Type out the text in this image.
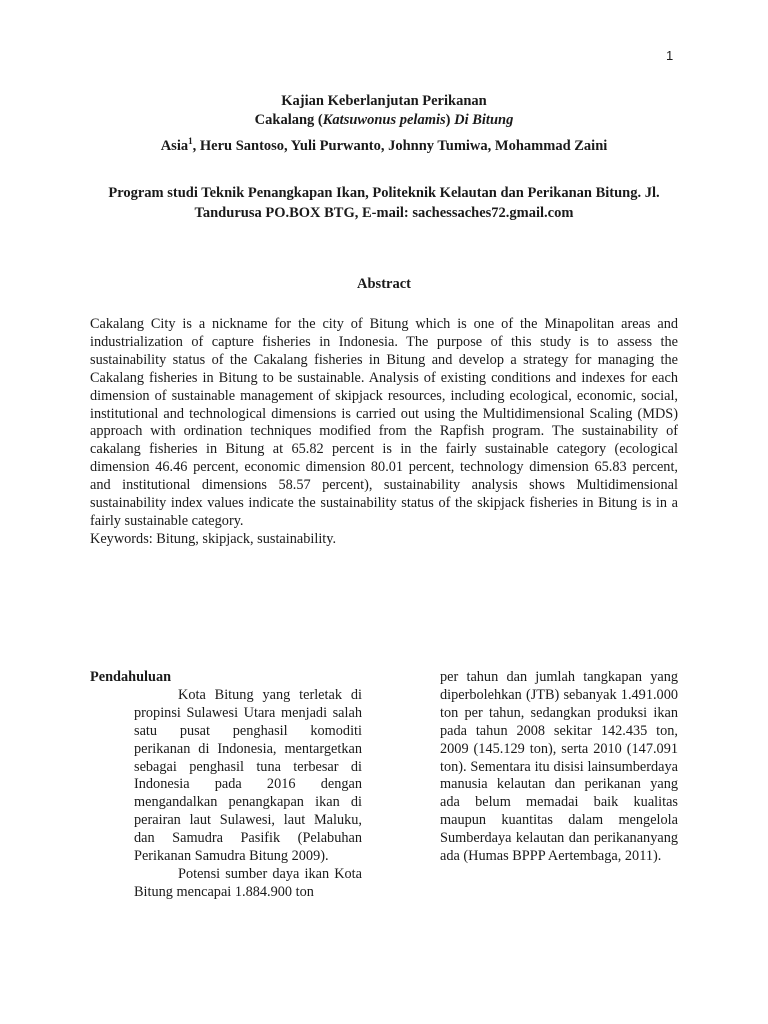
1
Kajian Keberlanjutan Perikanan
Cakalang (Katsuwonus pelamis) Di Bitung
Asia$^1$, Heru Santoso, Yuli Purwanto, Johnny Tumiwa, Mohammad Zaini
Program studi Teknik Penangkapan Ikan, Politeknik Kelautan dan Perikanan Bitung. Jl. Tandurusa PO.BOX BTG, E-mail: sachessaches72.gmail.com
Abstract

Cakalang City is a nickname for the city of Bitung which is one of the Minapolitan areas and industrialization of capture fisheries in Indonesia. The purpose of this study is to assess the sustainability status of the Cakalang fisheries in Bitung and develop a strategy for managing the Cakalang fisheries in Bitung to be sustainable. Analysis of existing conditions and indexes for each dimension of sustainable management of skipjack resources, including ecological, economic, social, institutional and technological dimensions is carried out using the Multidimensional Scaling (MDS) approach with ordination techniques modified from the Rapfish program. The sustainability of cakalang fisheries in Bitung at 65.82 percent is in the fairly sustainable category (ecological dimension 46.46 percent, economic dimension 80.01 percent, technology dimension 65.83 percent, and institutional dimensions 58.57 percent), sustainability analysis shows Multidimensional sustainability index values indicate the sustainability status of the skipjack fisheries in Bitung is in a fairly sustainable category.

Keywords: Bitung, skipjack, sustainability.

Pendahuluan

Kota Bitung yang terletak di propinsi Sulawesi Utara menjadi salah satu pusat penghasil komoditi perikanan di Indonesia, mentargetkan sebagai penghasil tuna terbesar di Indonesia pada 2016 dengan mengandalkan penangkapan ikan di perairan laut Sulawesi, laut Maluku, dan Samudra Pasifik (Pelabuhan Perikanan Samudra Bitung 2009).

Potensi sumber daya ikan Kota Bitung mencapai 1.884.900 ton

per tahun dan jumlah tangkapan yang diperbolehkan (JTB) sebanyak 1.491.000 ton per tahun, sedangkan produksi ikan pada tahun 2008 sekitar 142.435 ton, 2009 (145.129 ton), serta 2010 (147.091 ton). Sementara itu disisi lainsumberdaya manusia kelautan dan perikanan yang ada belum memadai baik kualitas maupun kuantitas dalam mengelola Sumberdaya kelautan dan perikananyang ada (Humas BPPP Aertembaga, 2011).
